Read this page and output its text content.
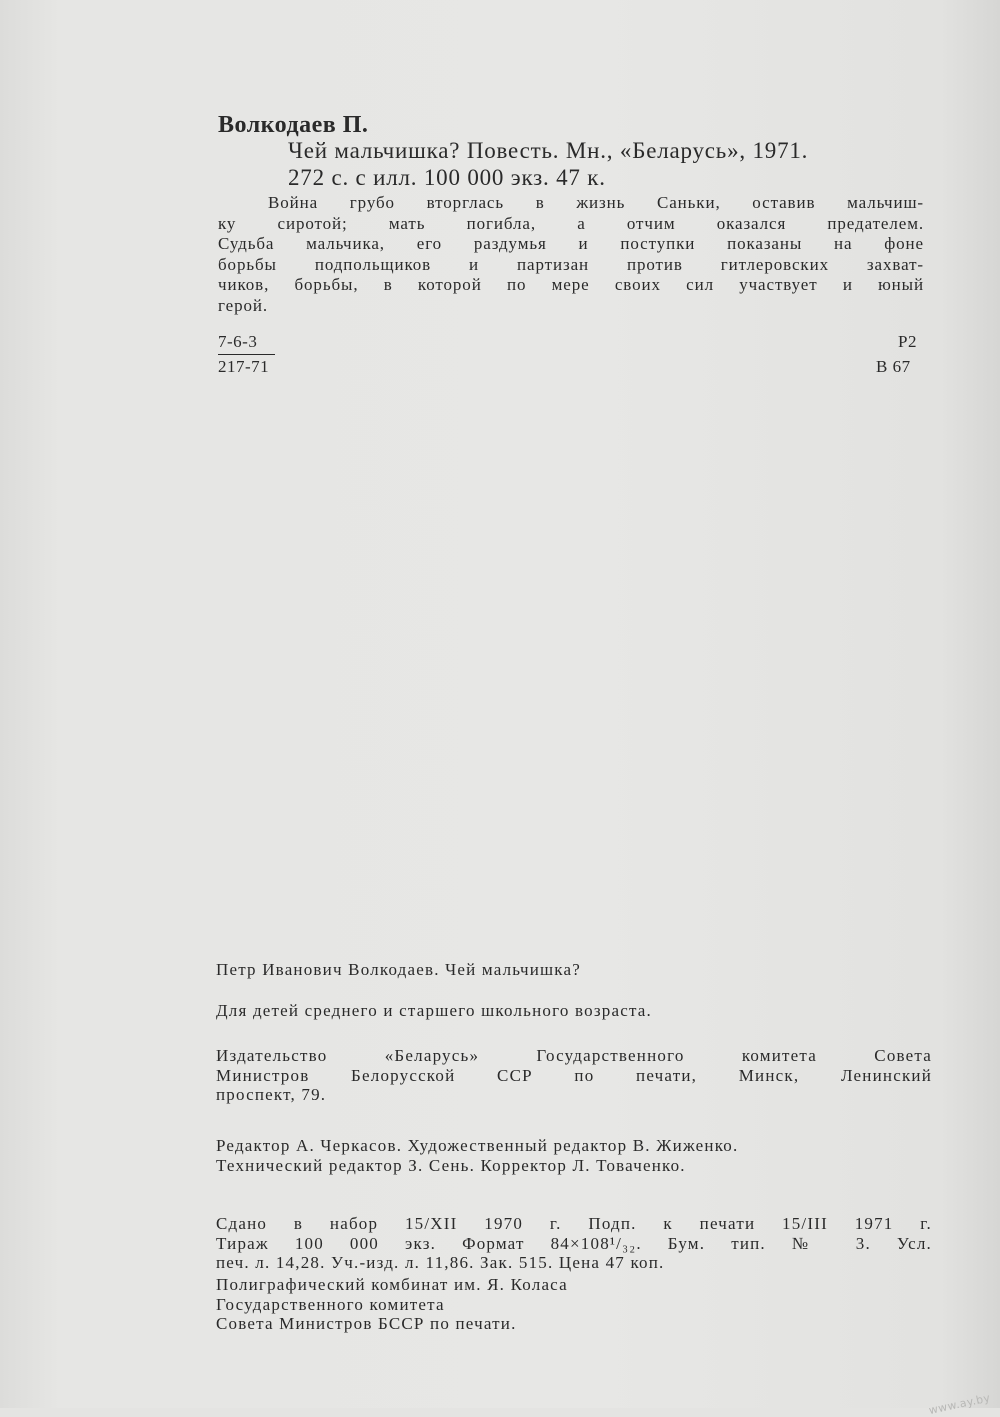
Волкодаев П.
Чей мальчишка? Повесть. Мн., «Беларусь», 1971.
272 с. с илл. 100 000 экз. 47 к.
Война грубо вторглась в жизнь Саньки, оставив мальчиш-
ку сиротой; мать погибла, а отчим оказался предателем.
Судьба мальчика, его раздумья и поступки показаны на фоне
борьбы подпольщиков и партизан против гитлеровских захват-
чиков, борьбы, в которой по мере своих сил участвует и юный
герой.
7-6-3
217-71
Р2
В 67
Петр Иванович Волкодаев. Чей мальчишка?
Для детей среднего и старшего школьного возраста.
Издательство «Беларусь» Государственного комитета Совета
Министров Белорусской ССР по печати, Минск, Ленинский
проспект, 79.
Редактор А. Черкасов. Художественный редактор В. Жиженко.
Технический редактор З. Сень. Корректор Л. Товаченко.
Сдано в набор 15/XII 1970 г. Подп. к печати 15/III 1971 г.
Тираж 100 000 экз. Формат 84×108¹/₃₂. Бум. тип. № 3. Усл.
печ. л. 14,28. Уч.-изд. л. 11,86. Зак. 515. Цена 47 коп.
Полиграфический комбинат им. Я. Коласа
Государственного комитета
Совета Министров БССР по печати.
www.ay.by
